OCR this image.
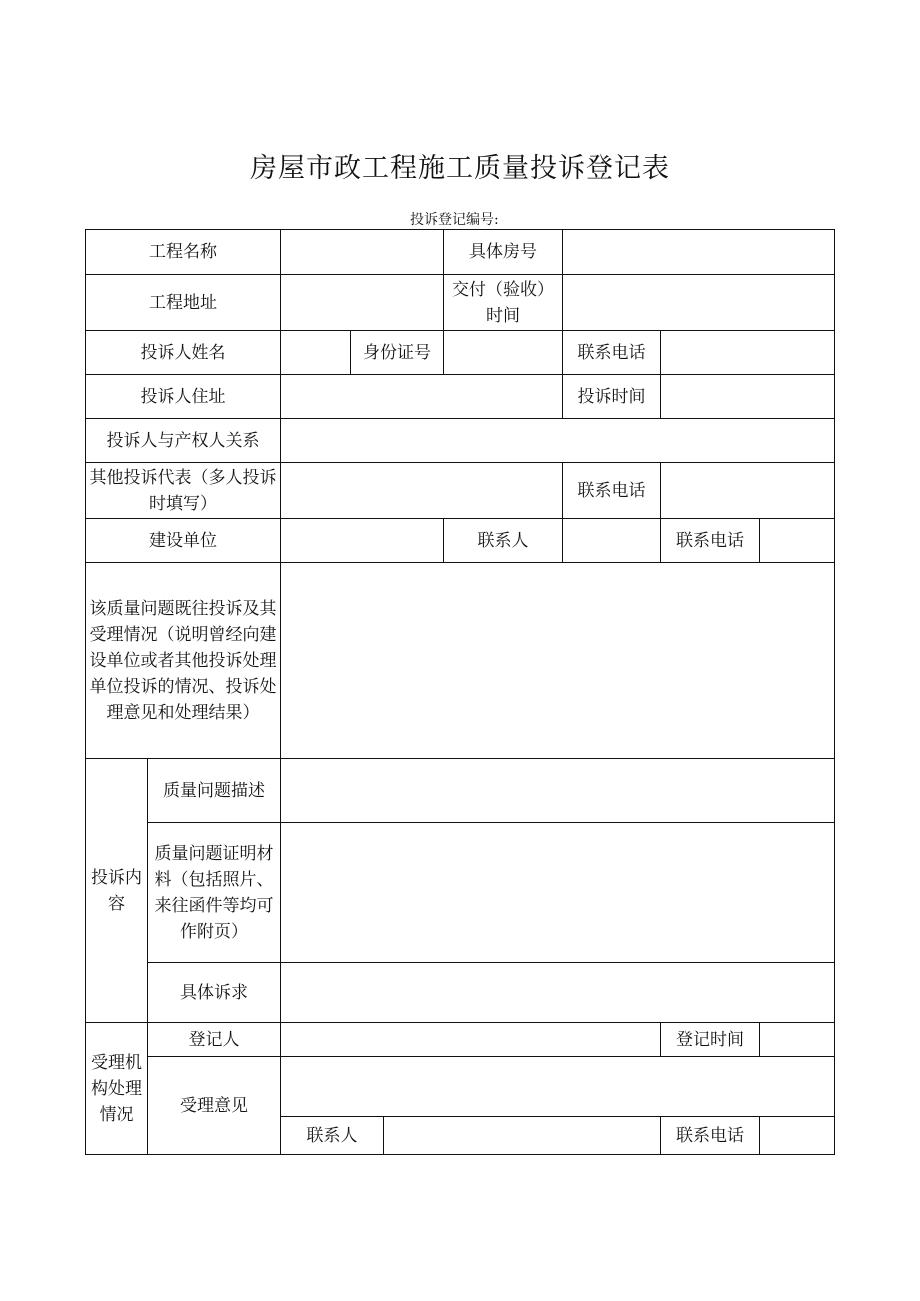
房屋市政工程施工质量投诉登记表
投诉登记编号:
工程名称					具体房号			
工程地址					交付（验收）时间			
投诉人姓名			身份证号			联系电话		
投诉人住址						投诉时间		
投诉人与产权人关系								
其他投诉代表（多人投诉时填写）						联系电话		
建设单位					联系人		联系电话	
该质量问题既往投诉及其受理情况（说明曾经向建设单位或者其他投诉处理单位投诉的情况、投诉处理意见和处理结果）								
投诉内容	质量问题描述							
	质量问题证明材料（包括照片、来往函件等均可作附页）							
	具体诉求							
受理机构处理情况	登记人						登记时间	
	受理意见							
		联系人					联系电话	
